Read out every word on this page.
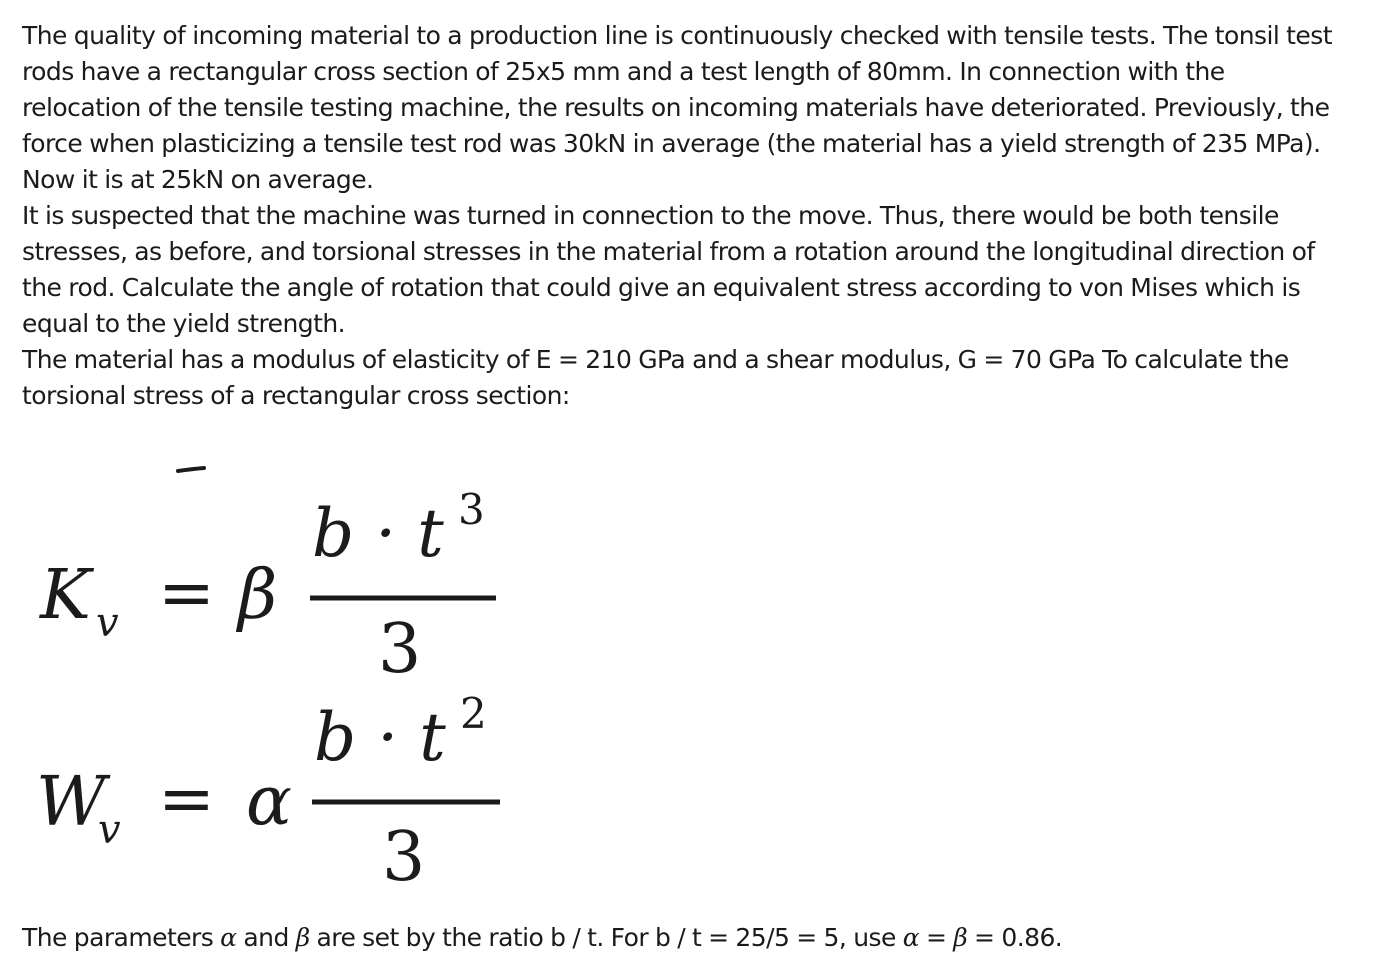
The quality of incoming material to a production line is continuously checked with tensile tests. The tonsil test rods have a rectangular cross section of 25x5 mm and a test length of 80mm. In connection with the relocation of the tensile testing machine, the results on incoming materials have deteriorated. Previously, the force when plasticizing a tensile test rod was 30kN in average (the material has a yield strength of 235 MPa). Now it is at 25kN on average.

It is suspected that the machine was turned in connection to the move. Thus, there would be both tensile stresses, as before, and torsional stresses in the material from a rotation around the longitudinal direction of the rod. Calculate the angle of rotation that could give an equivalent stress according to von Mises which is equal to the yield strength.

The material has a modulus of elasticity of E = 210 GPa and a shear modulus, G = 70 GPa To calculate the torsional stress of a rectangular cross section:

K v = β
b · t 3
3
W
v = α
b · t 2
3
The parameters α and β are set by the ratio b / t. For b / t = 25/5 = 5, use α = β = 0.86.
